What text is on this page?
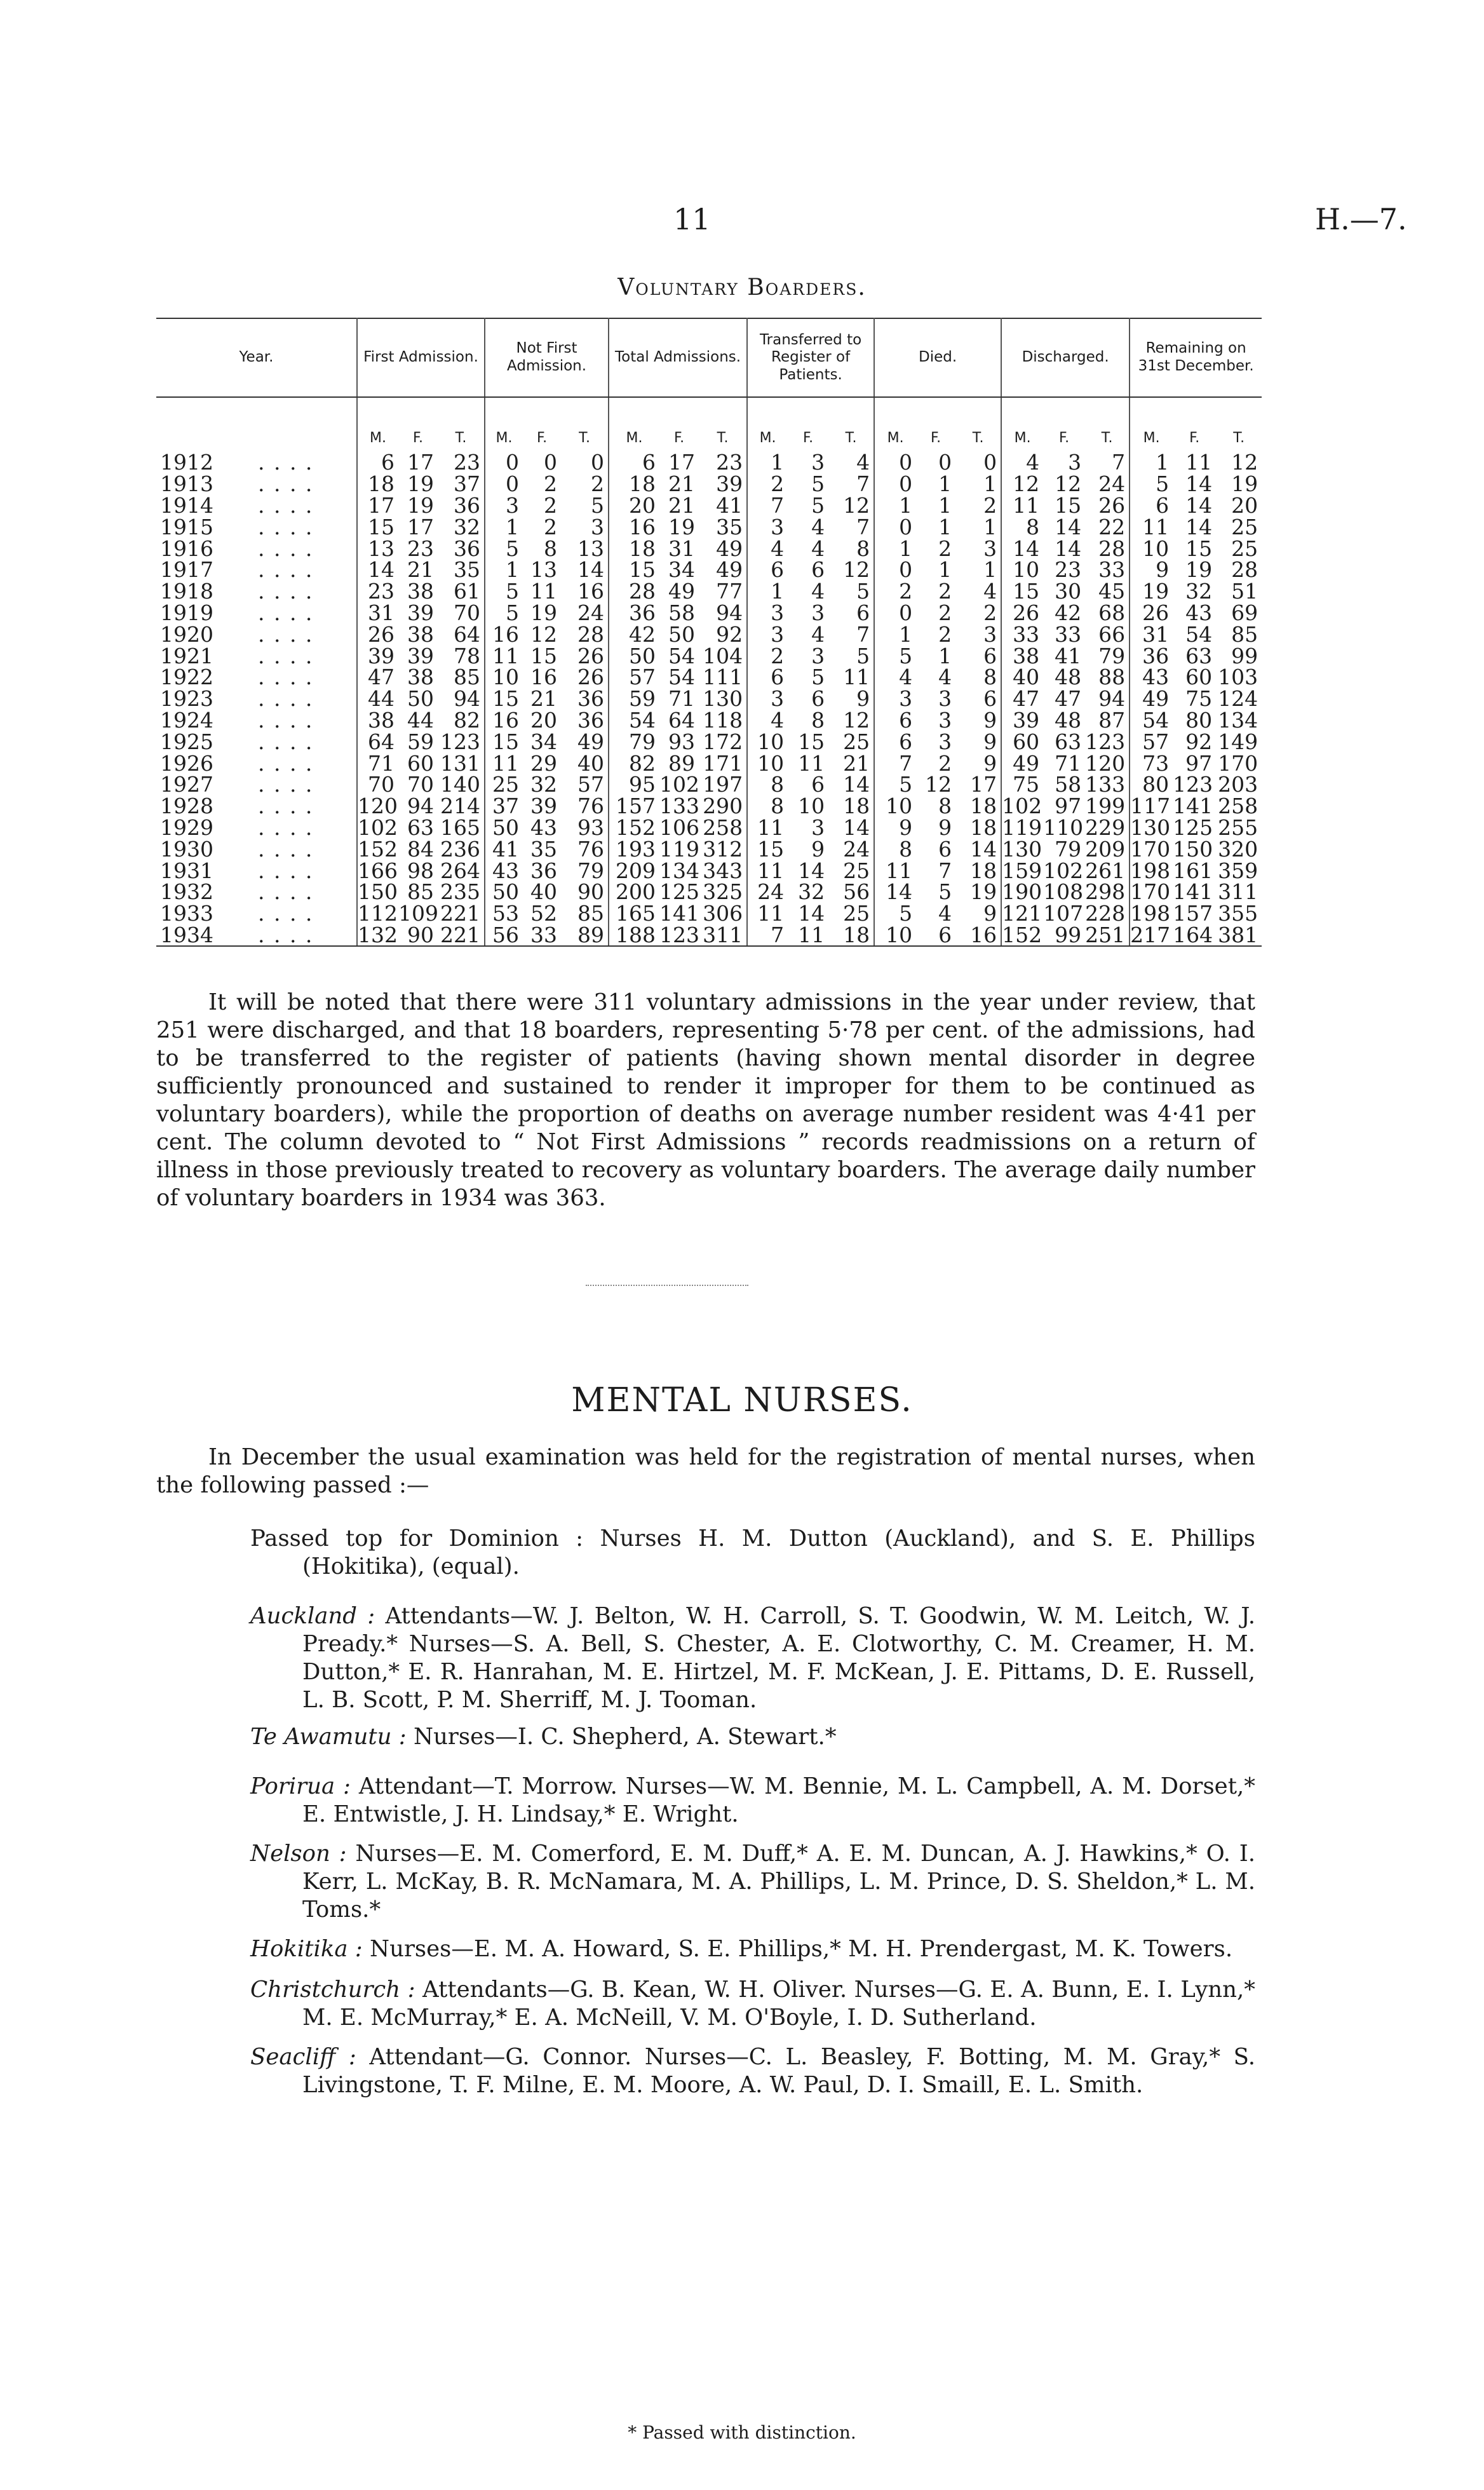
11	H.—7.
Voluntary Boarders.
Year.	First Admission.			Not First Admission.			Total Admissions.			Transferred to Register of Patients.			Died.			Discharged.			Remaining on 31st December.		
	M.	F.	T.	M.	F.	T.	M.	F.	T.	M.	F.	T.	M.	F.	T.	M.	F.	T.	M.	F.	T.
1912 . . . .	6	17	23	0	0	0	6	17	23	1	3	4	0	0	0	4	3	7	1	11	12
1913 . . . .	18	19	37	0	2	2	18	21	39	2	5	7	0	1	1	12	12	24	5	14	19
1914 . . . .	17	19	36	3	2	5	20	21	41	7	5	12	1	1	2	11	15	26	6	14	20
1915 . . . .	15	17	32	1	2	3	16	19	35	3	4	7	0	1	1	8	14	22	11	14	25
1916 . . . .	13	23	36	5	8	13	18	31	49	4	4	8	1	2	3	14	14	28	10	15	25
1917 . . . .	14	21	35	1	13	14	15	34	49	6	6	12	0	1	1	10	23	33	9	19	28
1918 . . . .	23	38	61	5	11	16	28	49	77	1	4	5	2	2	4	15	30	45	19	32	51
1919 . . . .	31	39	70	5	19	24	36	58	94	3	3	6	0	2	2	26	42	68	26	43	69
1920 . . . .	26	38	64	16	12	28	42	50	92	3	4	7	1	2	3	33	33	66	31	54	85
1921 . . . .	39	39	78	11	15	26	50	54	104	2	3	5	5	1	6	38	41	79	36	63	99
1922 . . . .	47	38	85	10	16	26	57	54	111	6	5	11	4	4	8	40	48	88	43	60	103
1923 . . . .	44	50	94	15	21	36	59	71	130	3	6	9	3	3	6	47	47	94	49	75	124
1924 . . . .	38	44	82	16	20	36	54	64	118	4	8	12	6	3	9	39	48	87	54	80	134
1925 . . . .	64	59	123	15	34	49	79	93	172	10	15	25	6	3	9	60	63	123	57	92	149
1926 . . . .	71	60	131	11	29	40	82	89	171	10	11	21	7	2	9	49	71	120	73	97	170
1927 . . . .	70	70	140	25	32	57	95	102	197	8	6	14	5	12	17	75	58	133	80	123	203
1928 . . . .	120	94	214	37	39	76	157	133	290	8	10	18	10	8	18	102	97	199	117	141	258
1929 . . . .	102	63	165	50	43	93	152	106	258	11	3	14	9	9	18	119	110	229	130	125	255
1930 . . . .	152	84	236	41	35	76	193	119	312	15	9	24	8	6	14	130	79	209	170	150	320
1931 . . . .	166	98	264	43	36	79	209	134	343	11	14	25	11	7	18	159	102	261	198	161	359
1932 . . . .	150	85	235	50	40	90	200	125	325	24	32	56	14	5	19	190	108	298	170	141	311
1933 . . . .	112	109	221	53	52	85	165	141	306	11	14	25	5	4	9	121	107	228	198	157	355
1934 . . . .	132	90	221	56	33	89	188	123	311	7	11	18	10	6	16	152	99	251	217	164	381
It will be noted that there were 311 voluntary admissions in the year under review, that 251 were discharged, and that 18 boarders, representing 5·78 per cent. of the admissions, had to be transferred to the register of patients (having shown mental disorder in degree sufficiently pronounced and sustained to render it improper for them to be continued as voluntary boarders), while the proportion of deaths on average number resident was 4·41 per cent. The column devoted to “ Not First Admissions ” records readmissions on a return of illness in those previously treated to recovery as voluntary boarders. The average daily number of voluntary boarders in 1934 was 363.
MENTAL NURSES.
In December the usual examination was held for the registration of mental nurses, when the following passed :—
Passed top for Dominion : Nurses H. M. Dutton (Auckland), and S. E. Phillips (Hokitika), (equal).
Auckland : Attendants—W. J. Belton, W. H. Carroll, S. T. Goodwin, W. M. Leitch, W. J. Pready.* Nurses—S. A. Bell, S. Chester, A. E. Clotworthy, C. M. Creamer, H. M. Dutton,* E. R. Hanrahan, M. E. Hirtzel, M. F. McKean, J. E. Pittams, D. E. Russell, L. B. Scott, P. M. Sherriff, M. J. Tooman.
Te Awamutu : Nurses—I. C. Shepherd, A. Stewart.*
Porirua : Attendant—T. Morrow. Nurses—W. M. Bennie, M. L. Campbell, A. M. Dorset,* E. Entwistle, J. H. Lindsay,* E. Wright.
Nelson : Nurses—E. M. Comerford, E. M. Duff,* A. E. M. Duncan, A. J. Hawkins,* O. I. Kerr, L. McKay, B. R. McNamara, M. A. Phillips, L. M. Prince, D. S. Sheldon,* L. M. Toms.*
Hokitika : Nurses—E. M. A. Howard, S. E. Phillips,* M. H. Prendergast, M. K. Towers.
Christchurch : Attendants—G. B. Kean, W. H. Oliver. Nurses—G. E. A. Bunn, E. I. Lynn,* M. E. McMurray,* E. A. McNeill, V. M. O'Boyle, I. D. Sutherland.
Seacliff : Attendant—G. Connor. Nurses—C. L. Beasley, F. Botting, M. M. Gray,* S. Livingstone, T. F. Milne, E. M. Moore, A. W. Paul, D. I. Smaill, E. L. Smith.
* Passed with distinction.
